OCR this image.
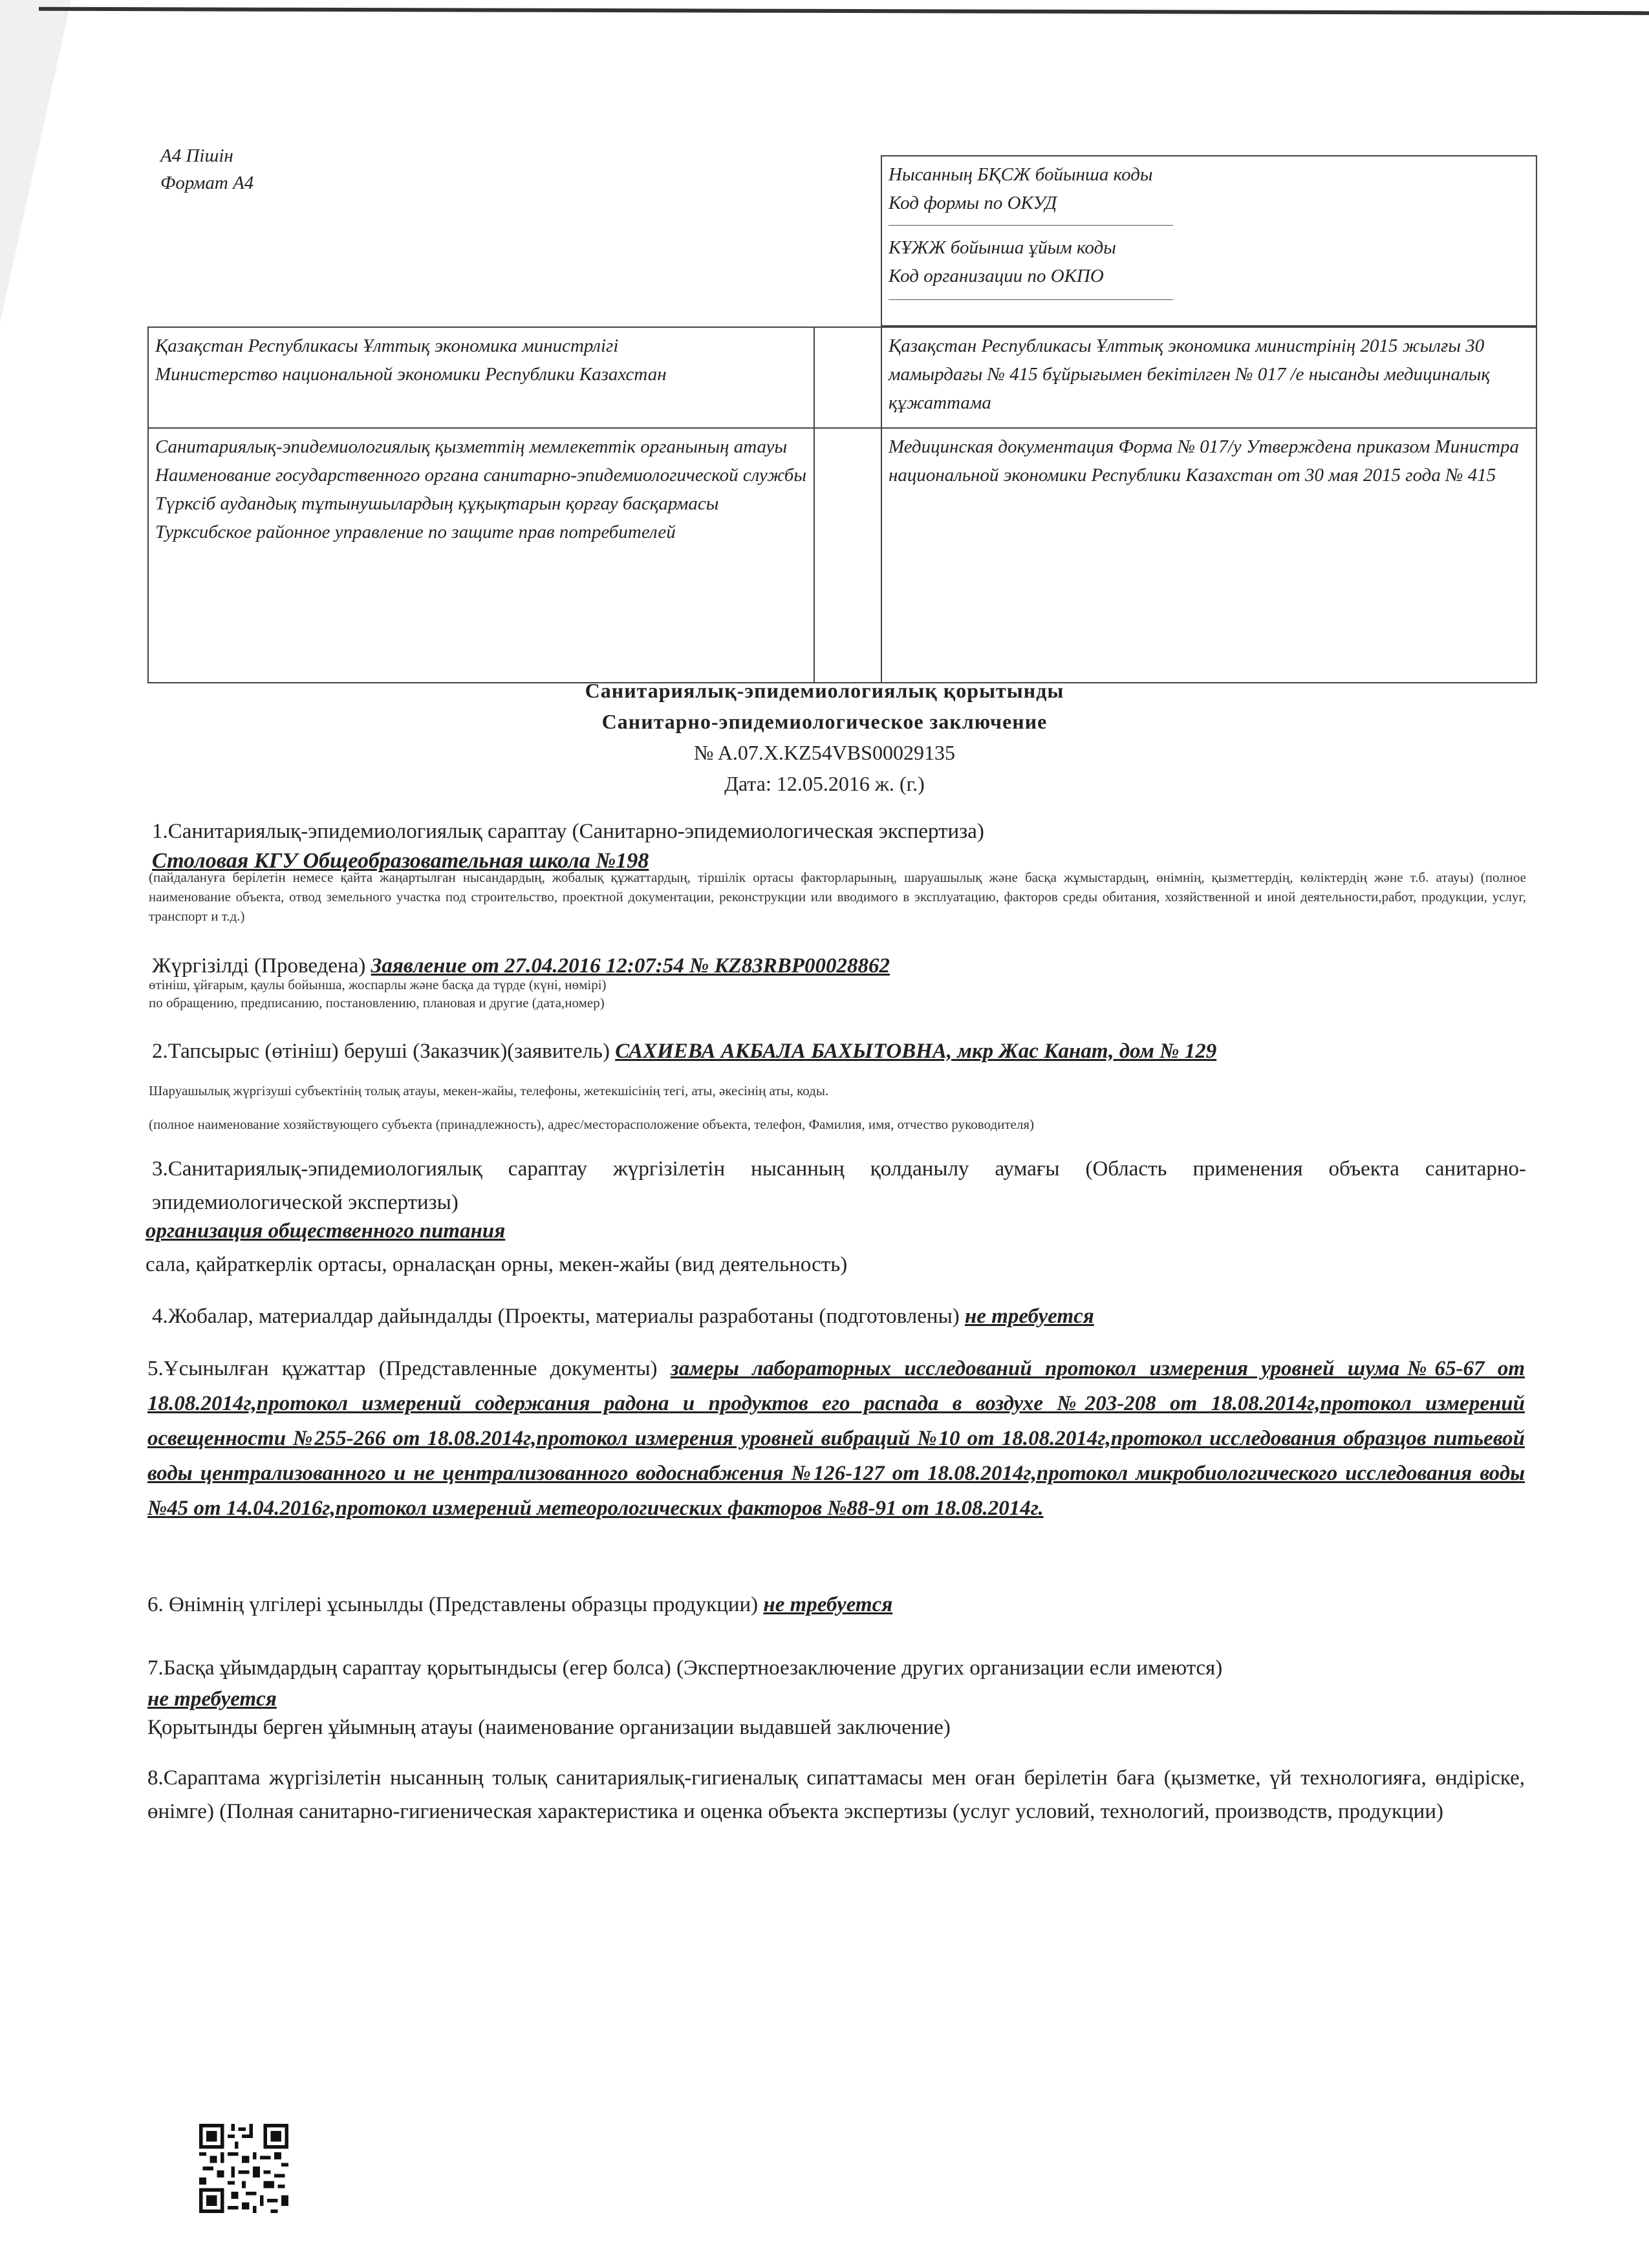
А4 Пішін
Формат А4	Нысанның БҚСЖ бойынша коды
Код формы по ОКУД
КҰЖЖ бойынша ұйым коды
Код организации по ОКПО
Қазақстан Республикасы Ұлттық экономика министрлігі
Министерство национальной экономики Республики Казахстан
Қазақстан Республикасы Ұлттық экономика министрінің 2015 жылғы 30 мамырдағы № 415 бұйрығымен бекітілген № 017 /е нысанды медициналық құжаттама
Санитариялық-эпидемиологиялық қызметтің мемлекеттік органының атауы
Наименование государственного органа санитарно-эпидемиологической службы
Түрксіб аудандық тұтынушылардың құқықтарын қорғау басқармасы
Турксибское районное управление по защите прав потребителей
Медицинская документация Форма № 017/у Утверждена приказом Министра национальной экономики Республики Казахстан от 30 мая 2015 года № 415
Санитариялық-эпидемиологиялық қорытынды
Санитарно-эпидемиологическое заключение
№ A.07.X.KZ54VBS00029135
Дата: 12.05.2016 ж. (г.)
1.Санитариялық-эпидемиологиялық сараптау (Санитарно-эпидемиологическая экспертиза)
Столовая КГУ Общеобразовательная школа №198
(пайдалануға берілетін немесе қайта жаңартылған нысандардың, жобалық құжаттардың, тіршілік ортасы факторларының, шаруашылық және басқа жұмыстардың, өнімнің, қызметтердің, көліктердің және т.б. атауы) (полное наименование объекта, отвод земельного участка под строительство, проектной документации, реконструкции или вводимого в эксплуатацию, факторов среды обитания, хозяйственной и иной деятельности,работ, продукции, услуг, транспорт и т.д.)
Жүргізілді (Проведена) Заявление от 27.04.2016 12:07:54 № KZ83RBP00028862
өтініш, ұйғарым, қаулы бойынша, жоспарлы және басқа да түрде (күні, нөмірі)
по обращению, предписанию, постановлению, плановая и другие (дата,номер)
2.Тапсырыс (өтініш) беруші (Заказчик)(заявитель) САХИЕВА АКБАЛА БАХЫТОВНА, мкр Жас Канат, дом № 129
Шаруашылық жүргізуші субъектінің толық атауы, мекен-жайы, телефоны, жетекшісінің тегі, аты, әкесінің аты, коды.
(полное наименование хозяйствующего субъекта (принадлежность), адрес/месторасположение объекта, телефон, Фамилия, имя, отчество руководителя)
3.Санитариялық-эпидемиологиялық сараптау жүргізілетін нысанның қолданылу аумағы (Область применения объекта санитарно-эпидемиологической экспертизы)
организация общественного питания
сала, қайраткерлік ортасы, орналасқан орны, мекен-жайы (вид деятельность)
4.Жобалар, материалдар дайындалды (Проекты, материалы разработаны (подготовлены) не требуется
5.Ұсынылған құжаттар (Представленные документы) замеры лабораторных исследований протокол измерения уровней шума№65-67 от 18.08.2014г,протокол измерений содержания радона и продуктов его распада в воздухе №203-208 от 18.08.2014г,протокол измерений освещенности №255-266 от 18.08.2014г,протокол измерения уровней вибраций №10 от 18.08.2014г,протокол исследования образцов питьевой воды централизованного и не централизованного водоснабжения №126-127 от 18.08.2014г,протокол микробиологического исследования воды №45 от 14.04.2016г,протокол измерений метеорологических факторов №88-91 от 18.08.2014г.
6. Өнімнің үлгілері ұсынылды (Представлены образцы продукции) не требуется
7.Басқа ұйымдардың сараптау қорытындысы (егер болса) (Экспертноезаключение других организации если имеются)
не требуется
Қорытынды берген ұйымның атауы (наименование организации выдавшей заключение)
8.Сараптама жүргізілетін нысанның толық санитариялық-гигиеналық сипаттамасы мен оған берілетін баға (қызметке, үй технологияға, өндіріске, өнімге) (Полная санитарно-гигиеническая характеристика и оценка объекта экспертизы (услуг условий, технологий, производств, продукции)
